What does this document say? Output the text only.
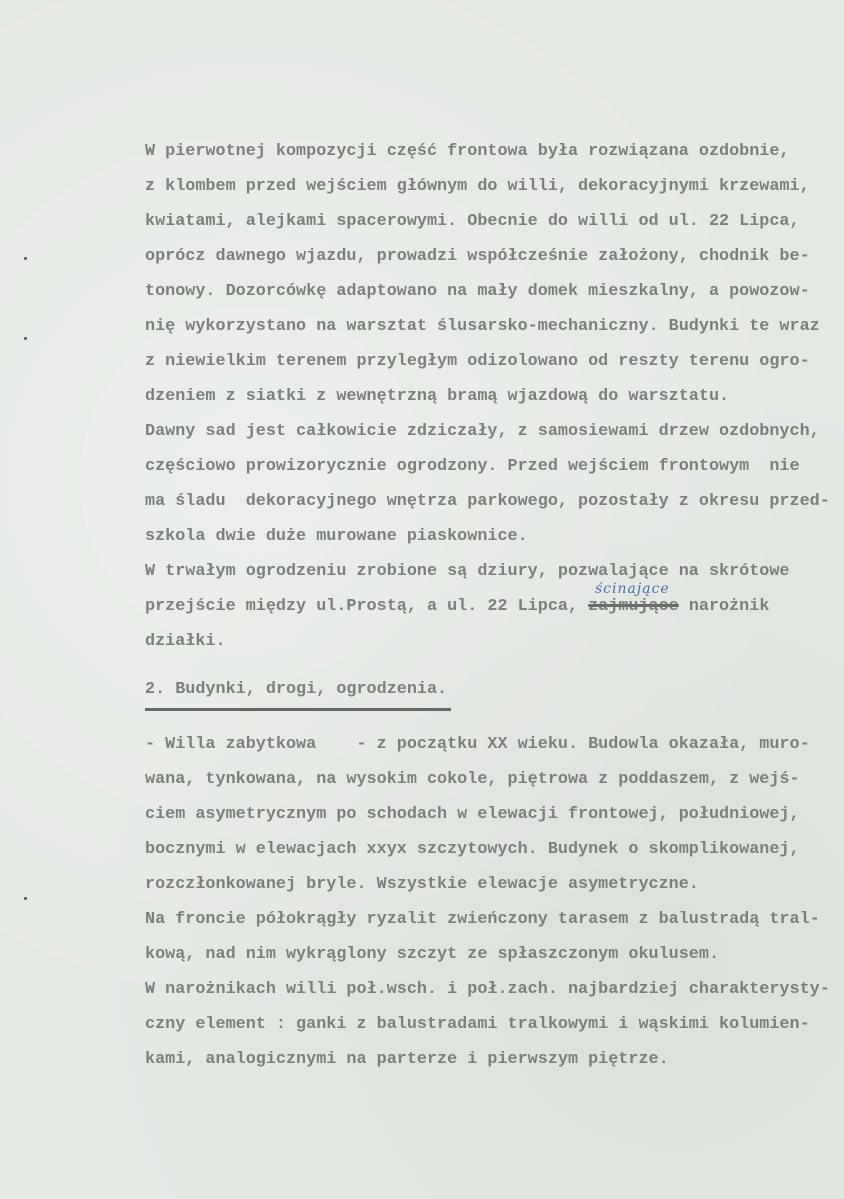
W pierwotnej kompozycji część frontowa była rozwiązana ozdobnie,
z klombem przed wejściem głównym do willi, dekoracyjnymi krzewami,
kwiatami, alejkami spacerowymi. Obecnie do willi od ul. 22 Lipca,
oprócz dawnego wjazdu, prowadzi współcześnie założony, chodnik be-
tonowy. Dozorcówkę adaptowano na mały domek mieszkalny, a powozow-
nię wykorzystano na warsztat ślusarsko-mechaniczny. Budynki te wraz
z niewielkim terenem przyległym odizolowano od reszty terenu ogro-
dzeniem z siatki z wewnętrzną bramą wjazdową do warsztatu.
Dawny sad jest całkowicie zdziczały, z samosiewami drzew ozdobnych,
częściowo prowizorycznie ogrodzony. Przed wejściem frontowym  nie
ma śladu  dekoracyjnego wnętrza parkowego, pozostały z okresu przed-
szkola dwie duże murowane piaskownice.
W trwałym ogrodzeniu zrobione są dziury, pozwalające na skrótowe
przejście między ul.Prostą, a ul. 22 Lipca, zajmujące narożnik
ścinające
działki.
2. Budynki, drogi, ogrodzenia.
- Willa zabytkowa    - z początku XX wieku. Budowla okazała, muro-
wana, tynkowana, na wysokim cokole, piętrowa z poddaszem, z wejś-
ciem asymetrycznym po schodach w elewacji frontowej, południowej,
bocznymi w elewacjach xxyx szczytowych. Budynek o skomplikowanej,
rozczłonkowanej bryle. Wszystkie elewacje asymetryczne.
Na froncie półokrągły ryzalit zwieńczony tarasem z balustradą tral-
kową, nad nim wykrąglony szczyt ze spłaszczonym okulusem.
W narożnikach willi poł.wsch. i poł.zach. najbardziej charakterysty-
czny element : ganki z balustradami tralkowymi i wąskimi kolumien-
kami, analogicznymi na parterze i pierwszym piętrze.
